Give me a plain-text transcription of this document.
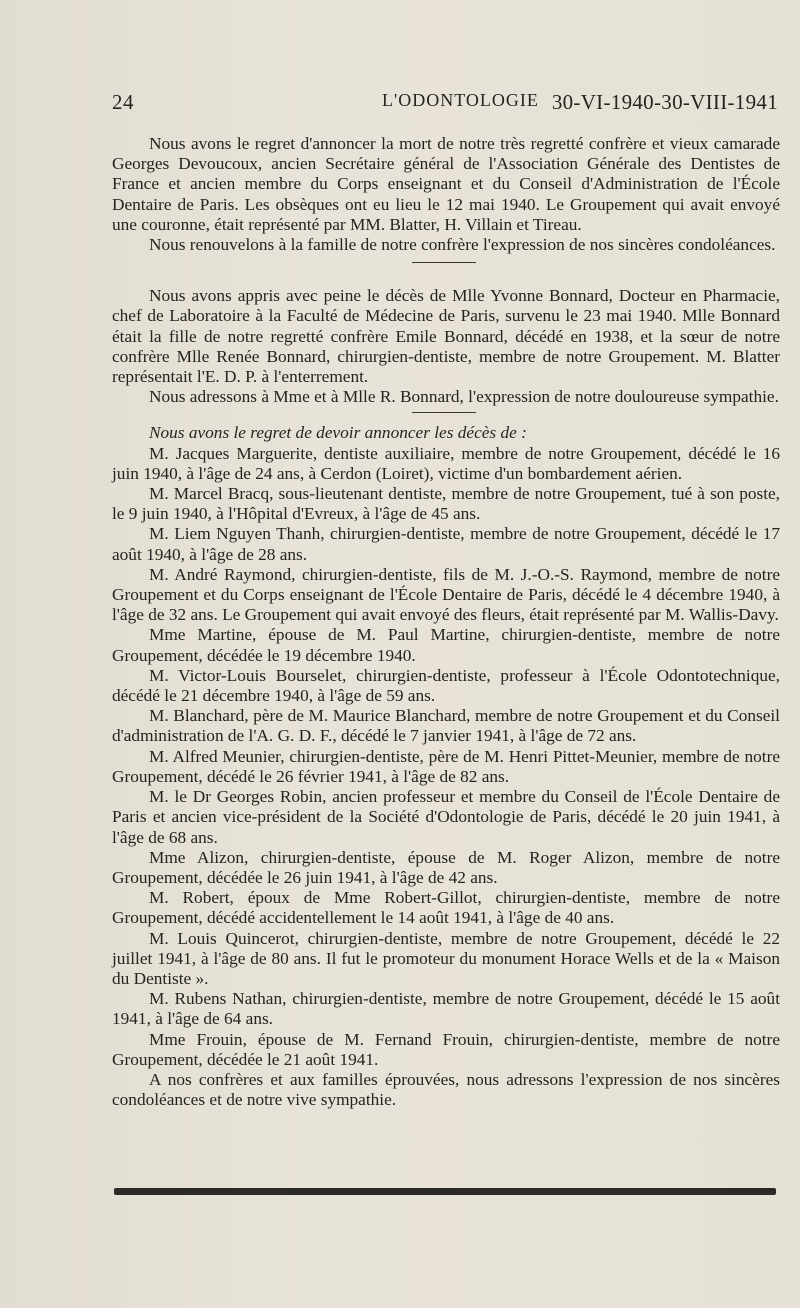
24	L'ODONTOLOGIE 30-VI-1940-30-VIII-1941

Nous avons le regret d'annoncer la mort de notre très regretté confrère et vieux camarade Georges Devoucoux, ancien Secrétaire général de l'Association Générale des Dentistes de France et ancien membre du Corps enseignant et du Conseil d'Administration de l'École Dentaire de Paris. Les obsèques ont eu lieu le 12 mai 1940. Le Groupement qui avait envoyé une couronne, était représenté par MM. Blatter, H. Villain et Tireau.

Nous renouvelons à la famille de notre confrère l'expression de nos sincères condoléances.

Nous avons appris avec peine le décès de Mlle Yvonne Bonnard, Docteur en Pharmacie, chef de Laboratoire à la Faculté de Médecine de Paris, survenu le 23 mai 1940. Mlle Bonnard était la fille de notre regretté confrère Emile Bonnard, décédé en 1938, et la sœur de notre confrère Mlle Renée Bonnard, chirurgien-dentiste, membre de notre Groupement. M. Blatter représentait l'E. D. P. à l'enterrement.

Nous adressons à Mme et à Mlle R. Bonnard, l'expression de notre douloureuse sympathie.

Nous avons le regret de devoir annoncer les décès de :

M. Jacques Marguerite, dentiste auxiliaire, membre de notre Groupement, décédé le 16 juin 1940, à l'âge de 24 ans, à Cerdon (Loiret), victime d'un bombardement aérien.

M. Marcel Bracq, sous-lieutenant dentiste, membre de notre Groupement, tué à son poste, le 9 juin 1940, à l'Hôpital d'Evreux, à l'âge de 45 ans.

M. Liem Nguyen Thanh, chirurgien-dentiste, membre de notre Groupement, décédé le 17 août 1940, à l'âge de 28 ans.

M. André Raymond, chirurgien-dentiste, fils de M. J.-O.-S. Raymond, membre de notre Groupement et du Corps enseignant de l'École Dentaire de Paris, décédé le 4 décembre 1940, à l'âge de 32 ans. Le Groupement qui avait envoyé des fleurs, était représenté par M. Wallis-Davy.

Mme Martine, épouse de M. Paul Martine, chirurgien-dentiste, membre de notre Groupement, décédée le 19 décembre 1940.

M. Victor-Louis Bourselet, chirurgien-dentiste, professeur à l'École Odontotechnique, décédé le 21 décembre 1940, à l'âge de 59 ans.

M. Blanchard, père de M. Maurice Blanchard, membre de notre Groupement et du Conseil d'administration de l'A. G. D. F., décédé le 7 janvier 1941, à l'âge de 72 ans.

M. Alfred Meunier, chirurgien-dentiste, père de M. Henri Pittet-Meunier, membre de notre Groupement, décédé le 26 février 1941, à l'âge de 82 ans.

M. le Dr Georges Robin, ancien professeur et membre du Conseil de l'École Dentaire de Paris et ancien vice-président de la Société d'Odontologie de Paris, décédé le 20 juin 1941, à l'âge de 68 ans.

Mme Alizon, chirurgien-dentiste, épouse de M. Roger Alizon, membre de notre Groupement, décédée le 26 juin 1941, à l'âge de 42 ans.

M. Robert, époux de Mme Robert-Gillot, chirurgien-dentiste, membre de notre Groupement, décédé accidentellement le 14 août 1941, à l'âge de 40 ans.

M. Louis Quincerot, chirurgien-dentiste, membre de notre Groupement, décédé le 22 juillet 1941, à l'âge de 80 ans. Il fut le promoteur du monument Horace Wells et de la « Maison du Dentiste ».

M. Rubens Nathan, chirurgien-dentiste, membre de notre Groupement, décédé le 15 août 1941, à l'âge de 64 ans.

Mme Frouin, épouse de M. Fernand Frouin, chirurgien-dentiste, membre de notre Groupement, décédée le 21 août 1941.

A nos confrères et aux familles éprouvées, nous adressons l'expression de nos sincères condoléances et de notre vive sympathie.
